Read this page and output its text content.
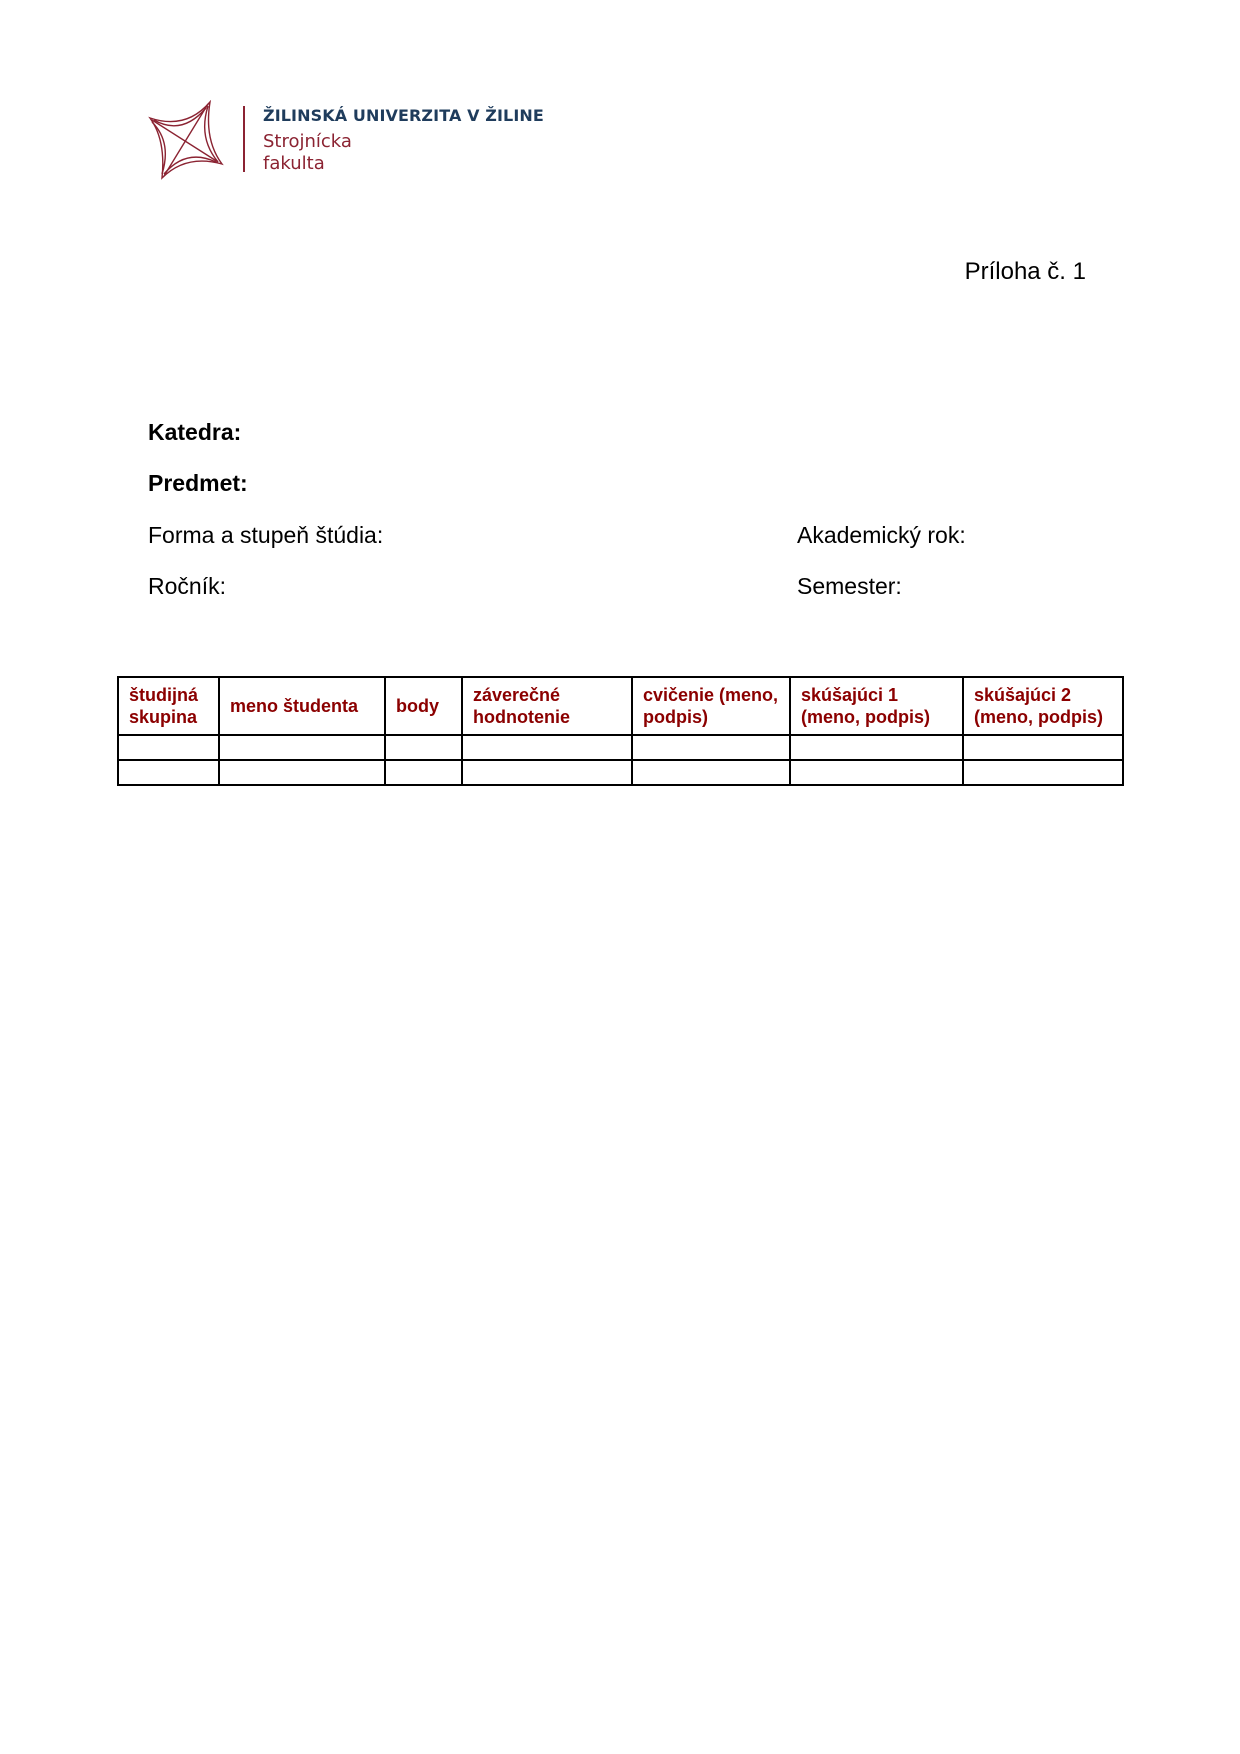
ŽILINSKÁ UNIVERZITA V ŽILINE
Strojnícka fakulta
Príloha č. 1
Katedra:
Predmet:
Forma a stupeň štúdia:	Akademický rok:
Ročník:	Semester:
študijná skupina	meno študenta	body	záverečné hodnotenie	cvičenie (meno, podpis)	skúšajúci 1 (meno, podpis)	skúšajúci 2 (meno, podpis)
